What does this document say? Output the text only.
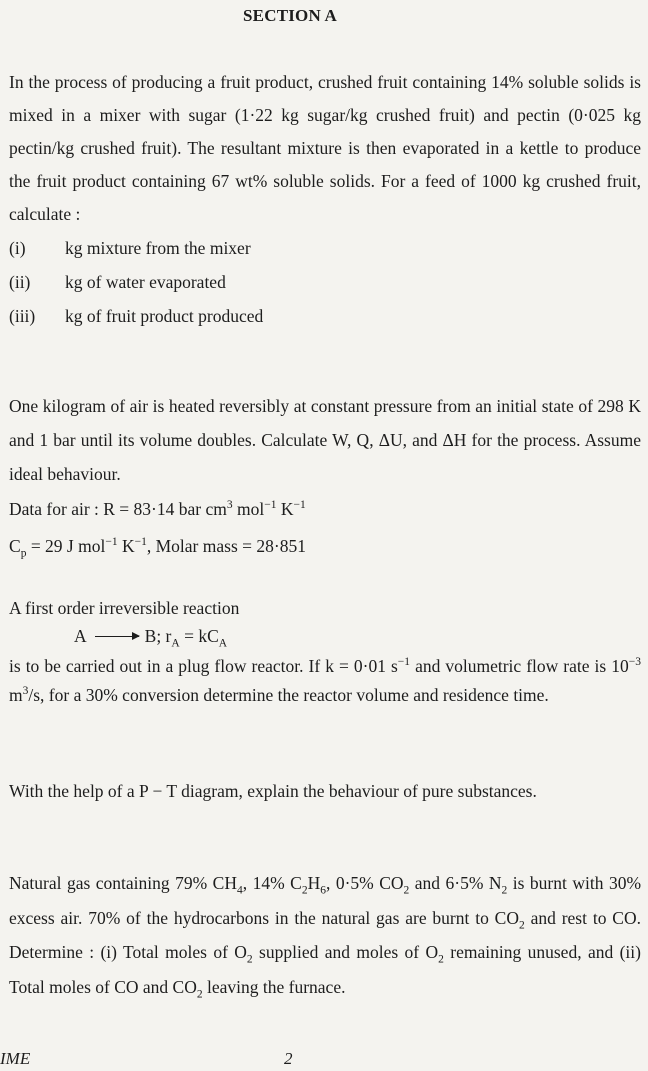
SECTION A
In the process of producing a fruit product, crushed fruit containing 14% soluble solids is mixed in a mixer with sugar (1·22 kg sugar/kg crushed fruit) and pectin (0·025 kg pectin/kg crushed fruit). The resultant mixture is then evaporated in a kettle to produce the fruit product containing 67 wt% soluble solids. For a feed of 1000 kg crushed fruit, calculate :
(i) kg mixture from the mixer
(ii) kg of water evaporated
(iii) kg of fruit product produced
One kilogram of air is heated reversibly at constant pressure from an initial state of 298 K and 1 bar until its volume doubles. Calculate W, Q, ΔU, and ΔH for the process. Assume ideal behaviour.
Data for air : R = 83·14 bar $cm^3$ mol$^{-1}$ $K^{-1}$
$C_p = 29$ J mol$^{-1}$ $K^{-1}$, Molar mass = 28·851
A first order irreversible reaction
A → B; $r_A = kC_A$
is to be carried out in a plug flow reactor. If k = 0·01 $s^{-1}$ and volumetric flow rate is $10^{-3}$ $m^3/s$, for a 30% conversion determine the reactor volume and residence time.
With the help of a P − T diagram, explain the behaviour of pure substances.
Natural gas containing 79% $CH_4$, 14% $C_2H_6$, 0·5% $CO_2$ and 6·5% $N_2$ is burnt with 30% excess air. 70% of the hydrocarbons in the natural gas are burnt to $CO_2$ and rest to CO. Determine : (i) Total moles of $O_2$ supplied and moles of $O_2$ remaining unused, and (ii) Total moles of CO and $CO_2$ leaving the furnace.
IME	2
